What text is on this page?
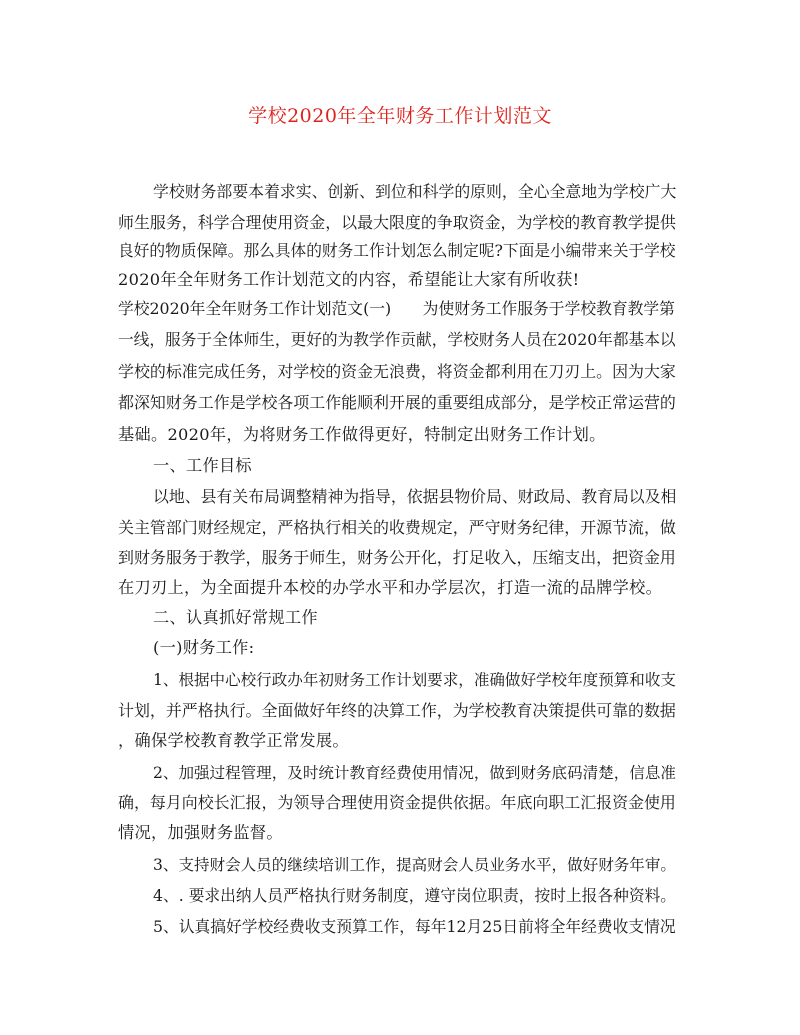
学校2020年全年财务工作计划范文
学校财务部要本着求实、创新、到位和科学的原则，全心全意地为学校广大
师生服务，科学合理使用资金，以最大限度的争取资金，为学校的教育教学提供
良好的物质保障。那么具体的财务工作计划怎么制定呢?下面是小编带来关于学校
2020年全年财务工作计划范文的内容，希望能让大家有所收获!
学校2020年全年财务工作计划范文(一)　　为使财务工作服务于学校教育教学第
一线，服务于全体师生，更好的为教学作贡献，学校财务人员在2020年都基本以
学校的标准完成任务，对学校的资金无浪费，将资金都利用在刀刃上。因为大家
都深知财务工作是学校各项工作能顺利开展的重要组成部分，是学校正常运营的
基础。2020年，为将财务工作做得更好，特制定出财务工作计划。
一、工作目标
以地、县有关布局调整精神为指导，依据县物价局、财政局、教育局以及相
关主管部门财经规定，严格执行相关的收费规定，严守财务纪律，开源节流，做
到财务服务于教学，服务于师生，财务公开化，打足收入，压缩支出，把资金用
在刀刃上，为全面提升本校的办学水平和办学层次，打造一流的品牌学校。
二、认真抓好常规工作
(一)财务工作:
1、根据中心校行政办年初财务工作计划要求，准确做好学校年度预算和收支
计划，并严格执行。全面做好年终的决算工作，为学校教育决策提供可靠的数据
，确保学校教育教学正常发展。
2、加强过程管理，及时统计教育经费使用情况，做到财务底码清楚，信息准
确，每月向校长汇报，为领导合理使用资金提供依据。年底向职工汇报资金使用
情况，加强财务监督。
3、支持财会人员的继续培训工作，提高财会人员业务水平，做好财务年审。
4、. 要求出纳人员严格执行财务制度，遵守岗位职责，按时上报各种资料。
5、认真搞好学校经费收支预算工作，每年12月25日前将全年经费收支情况
